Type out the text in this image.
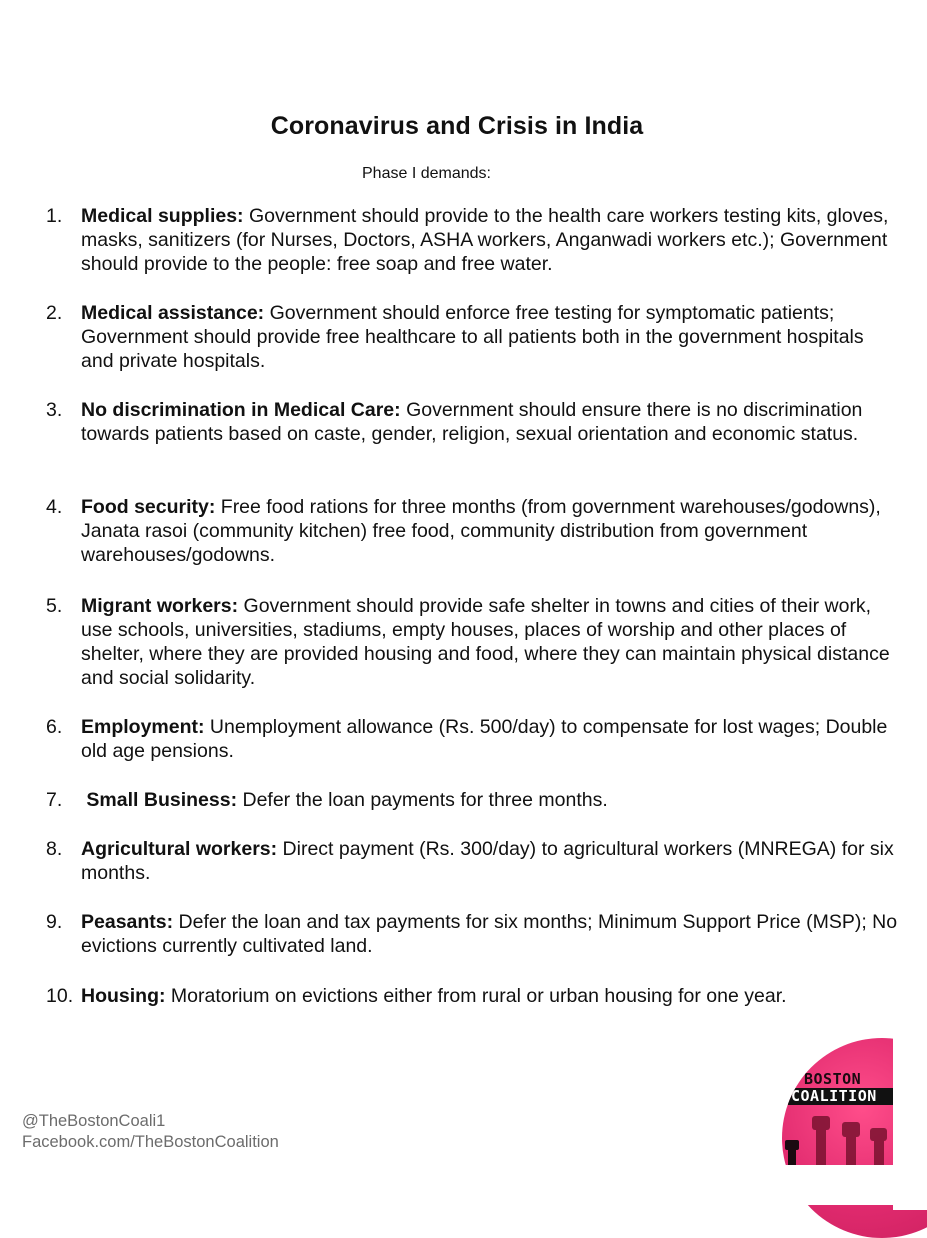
Coronavirus and Crisis in India
Phase I demands:
1. Medical supplies: Government should provide to the health care workers testing kits, gloves, masks, sanitizers (for Nurses, Doctors, ASHA workers, Anganwadi workers etc.); Government should provide to the people: free soap and free water.
2. Medical assistance: Government should enforce free testing for symptomatic patients; Government should provide free healthcare to all patients both in the government hospitals and private hospitals.
3. No discrimination in Medical Care: Government should ensure there is no discrimination towards patients based on caste, gender, religion, sexual orientation and economic status.
4. Food security: Free food rations for three months (from government warehouses/godowns), Janata rasoi (community kitchen) free food, community distribution from government warehouses/godowns.
5. Migrant workers: Government should provide safe shelter in towns and cities of their work, use schools, universities, stadiums, empty houses, places of worship and other places of shelter, where they are provided housing and food, where they can maintain physical distance and social solidarity.
6. Employment: Unemployment allowance (Rs. 500/day) to compensate for lost wages; Double old age pensions.
7. Small Business: Defer the loan payments for three months.
8. Agricultural workers: Direct payment (Rs. 300/day) to agricultural workers (MNREGA) for six months.
9. Peasants: Defer the loan and tax payments for six months; Minimum Support Price (MSP); No evictions currently cultivated land.
10. Housing: Moratorium on evictions either from rural or urban housing for one year.
@TheBostonCoali1
Facebook.com/TheBostonCoalition
BOSTON
COALITION
